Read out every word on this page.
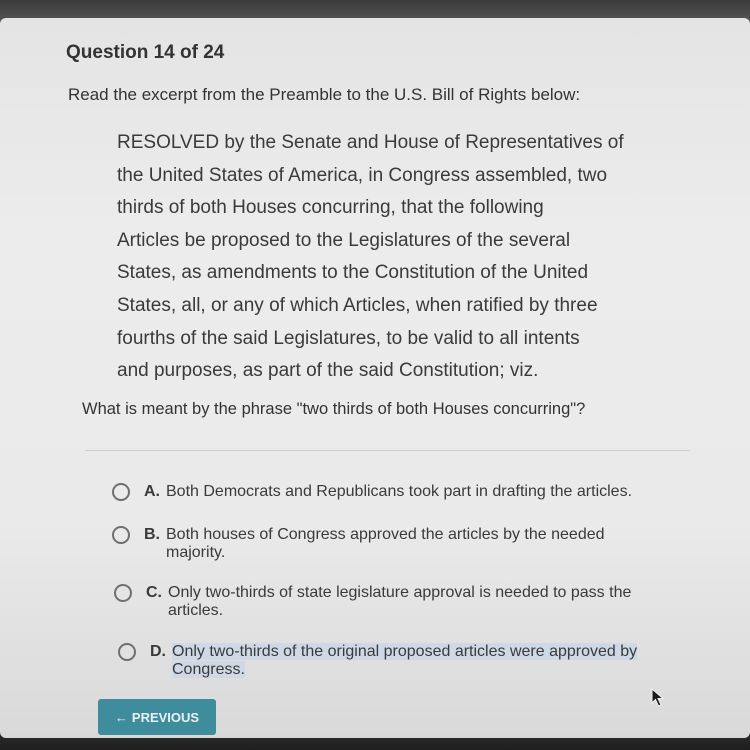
Question 14 of 24
Read the excerpt from the Preamble to the U.S. Bill of Rights below:
RESOLVED by the Senate and House of Representatives of
the United States of America, in Congress assembled, two
thirds of both Houses concurring, that the following
Articles be proposed to the Legislatures of the several
States, as amendments to the Constitution of the United
States, all, or any of which Articles, when ratified by three
fourths of the said Legislatures, to be valid to all intents
and purposes, as part of the said Constitution; viz.
What is meant by the phrase "two thirds of both Houses concurring"?
A. Both Democrats and Republicans took part in drafting the articles.
B. Both houses of Congress approved the articles by the needed
majority.
C. Only two-thirds of state legislature approval is needed to pass the
articles.
D. Only two-thirds of the original proposed articles were approved by
Congress.
← PREVIOUS
